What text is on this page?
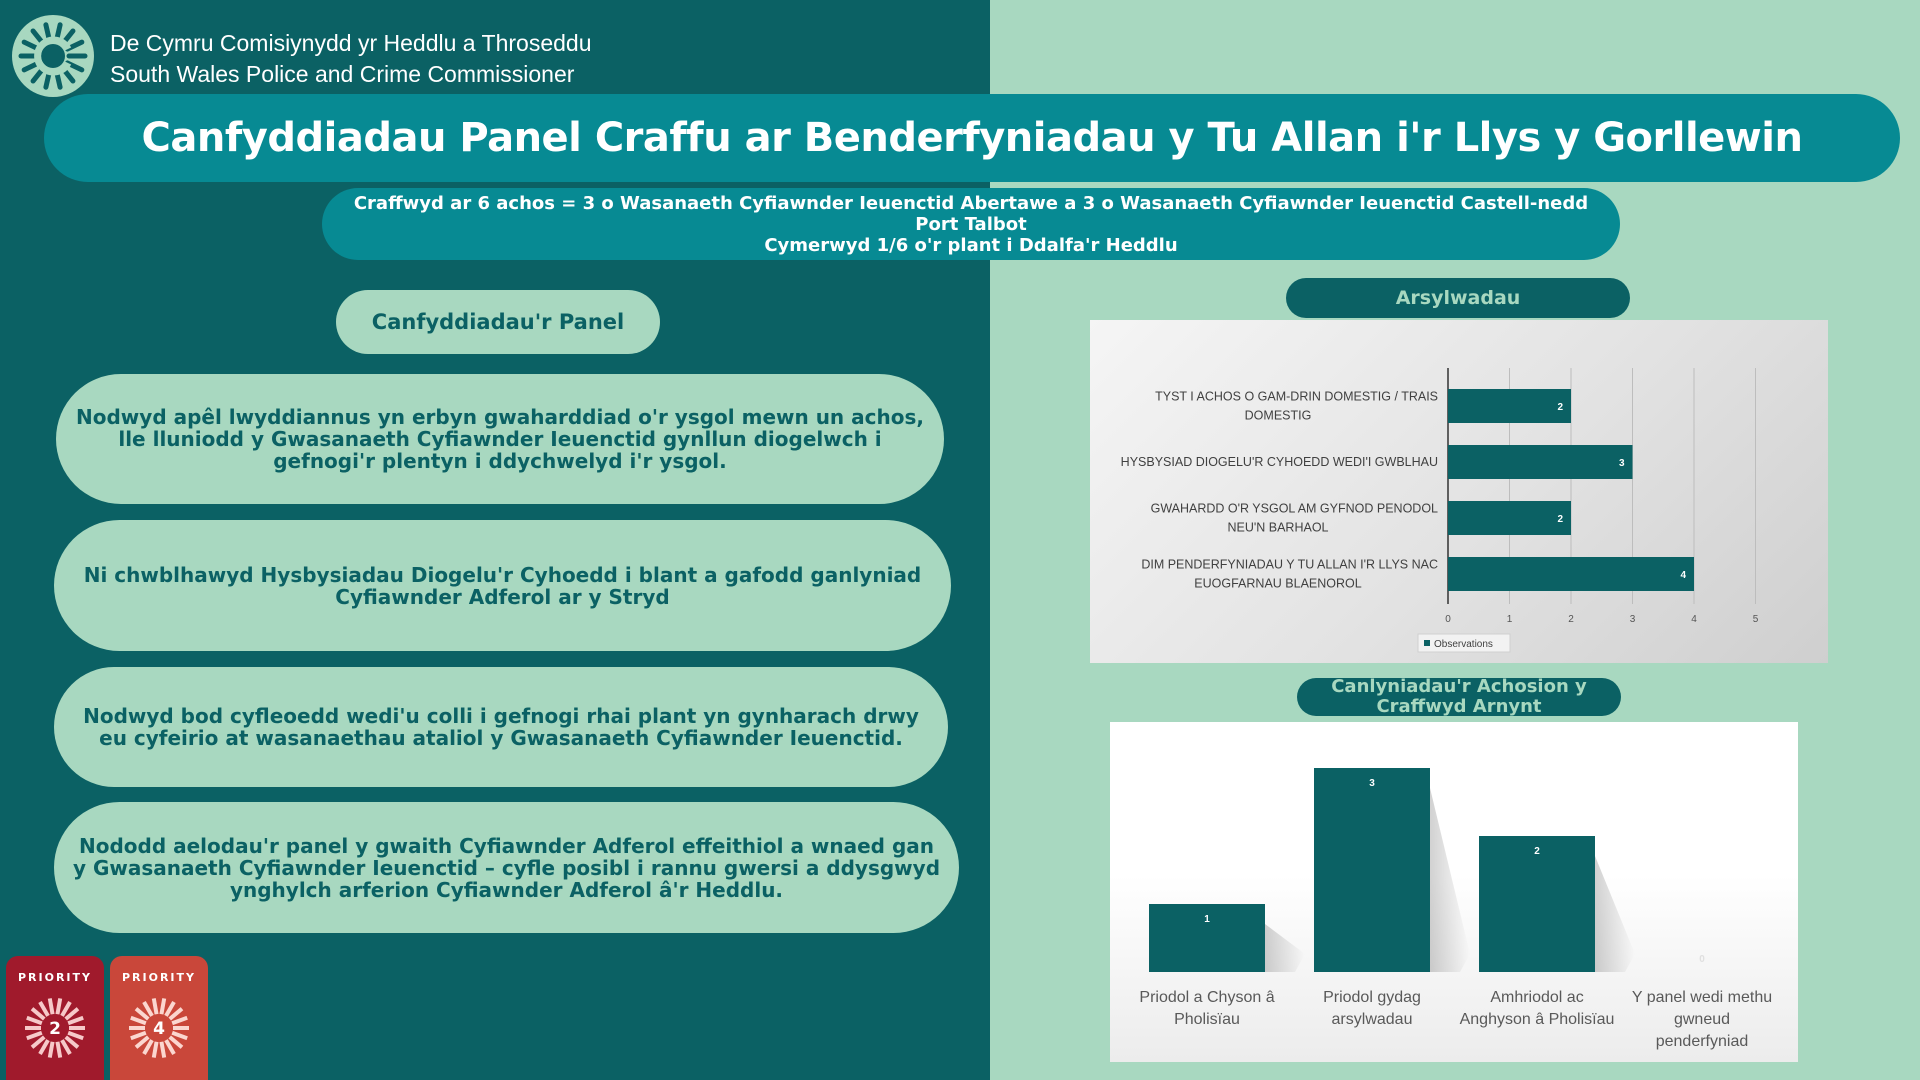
De Cymru Comisiynydd yr Heddlu a Throseddu
South Wales Police and Crime Commissioner
Canfyddiadau Panel Craffu ar Benderfyniadau y Tu Allan i'r Llys y Gorllewin
Craffwyd ar 6 achos = 3 o Wasanaeth Cyfiawnder Ieuenctid Abertawe a 3 o Wasanaeth Cyfiawnder Ieuenctid Castell-nedd Port Talbot
Cymerwyd 1/6 o'r plant i Ddalfa'r Heddlu
Canfyddiadau'r Panel
Nodwyd apêl lwyddiannus yn erbyn gwaharddiad o'r ysgol mewn un achos, lle lluniodd y Gwasanaeth Cyfiawnder Ieuenctid gynllun diogelwch i gefnogi'r plentyn i ddychwelyd i'r ysgol.
Ni chwblhawyd Hysbysiadau Diogelu'r Cyhoedd i blant a gafodd ganlyniad Cyfiawnder Adferol ar y Stryd
Nodwyd bod cyfleoedd wedi'u colli i gefnogi rhai plant yn gynharach drwy eu cyfeirio at wasanaethau ataliol y Gwasanaeth Cyfiawnder Ieuenctid.
Nododd aelodau'r panel y gwaith Cyfiawnder Adferol effeithiol a wnaed gan y Gwasanaeth Cyfiawnder Ieuenctid – cyfle posibl i rannu gwersi a ddysgwyd ynghylch arferion Cyfiawnder Adferol â'r Heddlu.
PRIORITY
2
PRIORITY
4
Arsylwadau
0	1	2	3	4	5
2
TYST I ACHOS O GAM-DRIN DOMESTIG / TRAIS
DOMESTIG
3
HYSBYSIAD DIOGELU'R CYHOEDD WEDI'I GWBLHAU
2
GWAHARDD O'R YSGOL AM GYFNOD PENODOL
NEU'N BARHAOL
4
DIM PENDERFYNIADAU Y TU ALLAN I'R LLYS NAC
EUOGFARNAU BLAENOROL
Observations
Canlyniadau'r Achosion y
Craffwyd Arnynt
1
Priodol a Chyson â
Pholisïau
3
Priodol gydag
arsylwadau
2
Amhriodol ac
Anghyson â Pholisïau
0
Y panel wedi methu
gwneud
penderfyniad
